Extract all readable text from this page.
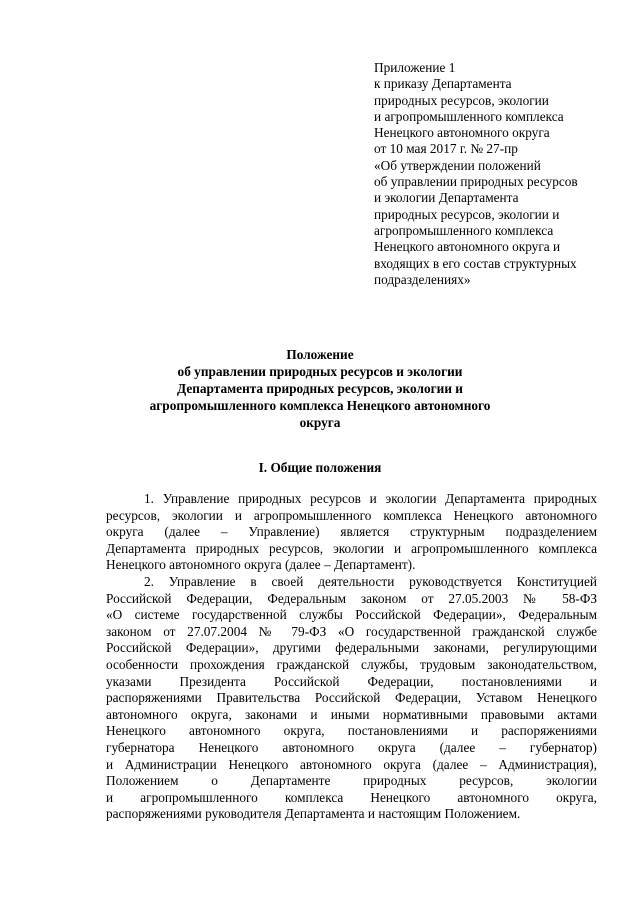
Приложение 1
к приказу Департамента
природных ресурсов, экологии
и агропромышленного комплекса
Ненецкого автономного округа
от 10 мая 2017 г. № 27-пр
«Об утверждении положений
об управлении природных ресурсов
и экологии Департамента
природных ресурсов, экологии и
агропромышленного комплекса
Ненецкого автономного округа и
входящих в его состав структурных
подразделениях»
Положение
об управлении природных ресурсов и экологии
Департамента природных ресурсов, экологии и
агропромышленного комплекса Ненецкого автономного
округа
I. Общие положения
1. Управление природных ресурсов и экологии Департамента природных
ресурсов, экологии и агропромышленного комплекса Ненецкого автономного
округа (далее – Управление) является структурным подразделением
Департамента природных ресурсов, экологии и агропромышленного комплекса
Ненецкого автономного округа (далее – Департамент).
2. Управление в своей деятельности руководствуется Конституцией
Российской Федерации, Федеральным законом от 27.05.2003 № 58-ФЗ
«О системе государственной службы Российской Федерации», Федеральным
законом от 27.07.2004 № 79-ФЗ «О государственной гражданской службе
Российской Федерации», другими федеральными законами, регулирующими
особенности прохождения гражданской службы, трудовым законодательством,
указами Президента Российской Федерации, постановлениями и
распоряжениями Правительства Российской Федерации, Уставом Ненецкого
автономного округа, законами и иными нормативными правовыми актами
Ненецкого автономного округа, постановлениями и распоряжениями
губернатора Ненецкого автономного округа (далее – губернатор)
и Администрации Ненецкого автономного округа (далее – Администрация),
Положением о Департаменте природных ресурсов, экологии
и агропромышленного комплекса Ненецкого автономного округа,
распоряжениями руководителя Департамента и настоящим Положением.
